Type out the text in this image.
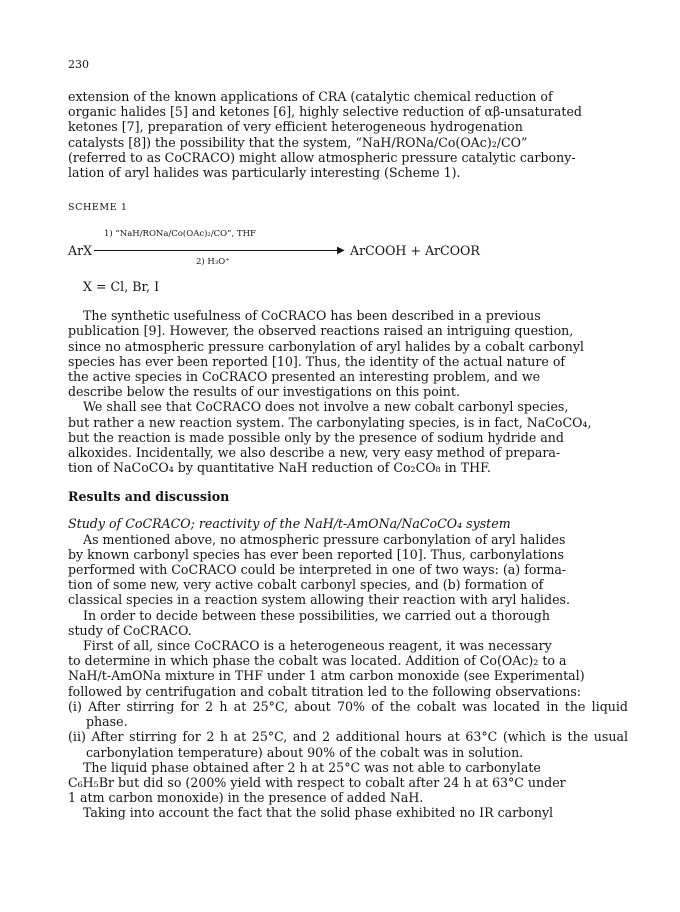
230

extension of the known applications of CRA (catalytic chemical reduction of
organic halides [5] and ketones [6], highly selective reduction of αβ-unsaturated
ketones [7], preparation of very efficient heterogeneous hydrogenation
catalysts [8]) the possibility that the system, “NaH/RONa/Co(OAc)₂/CO”
(referred to as CoCRACO) might allow atmospheric pressure catalytic carbony-
lation of aryl halides was particularly interesting (Scheme 1).

SCHEME 1
ArX
1) “NaH/RONa/Co(OAc)₂/CO”, THF
▶
2) H₃O⁺
ArCOOH + ArCOOR
X = Cl, Br, I

The synthetic usefulness of CoCRACO has been described in a previous
publication [9]. However, the observed reactions raised an intriguing question,
since no atmospheric pressure carbonylation of aryl halides by a cobalt carbonyl
species has ever been reported [10]. Thus, the identity of the actual nature of
the active species in CoCRACO presented an interesting problem, and we
describe below the results of our investigations on this point.

We shall see that CoCRACO does not involve a new cobalt carbonyl species,
but rather a new reaction system. The carbonylating species, is in fact, NaCoCO₄,
but the reaction is made possible only by the presence of sodium hydride and
alkoxides. Incidentally, we also describe a new, very easy method of prepara-
tion of NaCoCO₄ by quantitative NaH reduction of Co₂CO₈ in THF.

Results and discussion

Study of CoCRACO; reactivity of the NaH/t-AmONa/NaCoCO₄ system
As mentioned above, no atmospheric pressure carbonylation of aryl halides
by known carbonyl species has ever been reported [10]. Thus, carbonylations
performed with CoCRACO could be interpreted in one of two ways: (a) forma-
tion of some new, very active cobalt carbonyl species, and (b) formation of
classical species in a reaction system allowing their reaction with aryl halides.

In order to decide between these possibilities, we carried out a thorough
study of CoCRACO.

First of all, since CoCRACO is a heterogeneous reagent, it was necessary
to determine in which phase the cobalt was located. Addition of Co(OAc)₂ to a
NaH/t-AmONa mixture in THF under 1 atm carbon monoxide (see Experimental)
followed by centrifugation and cobalt titration led to the following observations:
(i) After stirring for 2 h at 25°C, about 70% of the cobalt was located in the liquid phase.
(ii) After stirring for 2 h at 25°C, and 2 additional hours at 63°C (which is the usual carbonylation temperature) about 90% of the cobalt was in solution.

The liquid phase obtained after 2 h at 25°C was not able to carbonylate
C₆H₅Br but did so (200% yield with respect to cobalt after 24 h at 63°C under
1 atm carbon monoxide) in the presence of added NaH.

Taking into account the fact that the solid phase exhibited no IR carbonyl
